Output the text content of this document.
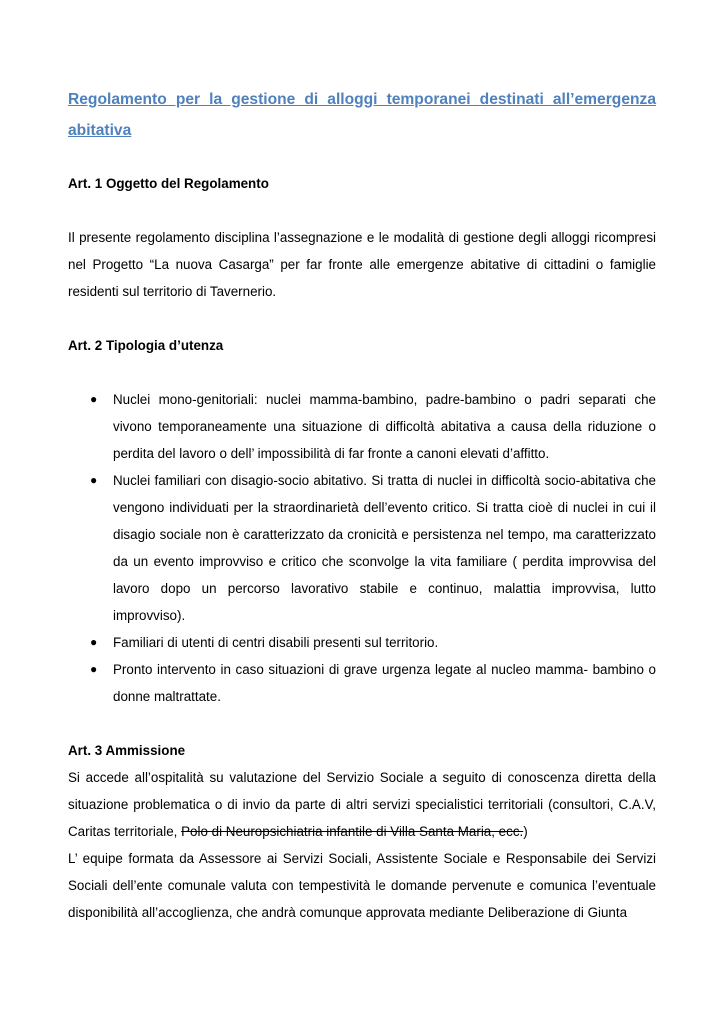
Regolamento per la gestione di alloggi temporanei destinati all’emergenza abitativa

Art. 1 Oggetto del Regolamento

Il presente regolamento disciplina l’assegnazione e le modalità di gestione degli alloggi ricompresi nel Progetto “La nuova Casarga” per far fronte alle emergenze abitative di cittadini o famiglie residenti sul territorio di Tavernerio.

Art. 2 Tipologia d’utenza

● Nuclei mono-genitoriali: nuclei mamma-bambino, padre-bambino o padri separati che vivono temporaneamente una situazione di difficoltà abitativa a causa della riduzione o perdita del lavoro o dell’ impossibilità di far fronte a canoni elevati d’affitto.
● Nuclei familiari con disagio-socio abitativo. Si tratta di nuclei in difficoltà socio-abitativa che vengono individuati per la straordinarietà dell’evento critico. Si tratta cioè di nuclei in cui il disagio sociale non è caratterizzato da cronicità e persistenza nel tempo, ma caratterizzato da un evento improvviso e critico che sconvolge la vita familiare ( perdita improvvisa del lavoro dopo un percorso lavorativo stabile e continuo, malattia improvvisa, lutto improvviso).
● Familiari di utenti di centri disabili presenti sul territorio.
● Pronto intervento in caso situazioni di grave urgenza legate al nucleo mamma- bambino o donne maltrattate.

Art. 3 Ammissione

Si accede all’ospitalità su valutazione del Servizio Sociale a seguito di conoscenza diretta della situazione problematica o di invio da parte di altri servizi specialistici territoriali (consultori, C.A.V, Caritas territoriale, Polo di Neuropsichiatria infantile di Villa Santa Maria, ecc.)

L’ equipe formata da Assessore ai Servizi Sociali, Assistente Sociale e Responsabile dei Servizi Sociali dell’ente comunale valuta con tempestività le domande pervenute e comunica l’eventuale disponibilità all’accoglienza, che andrà comunque approvata mediante Deliberazione di Giunta
